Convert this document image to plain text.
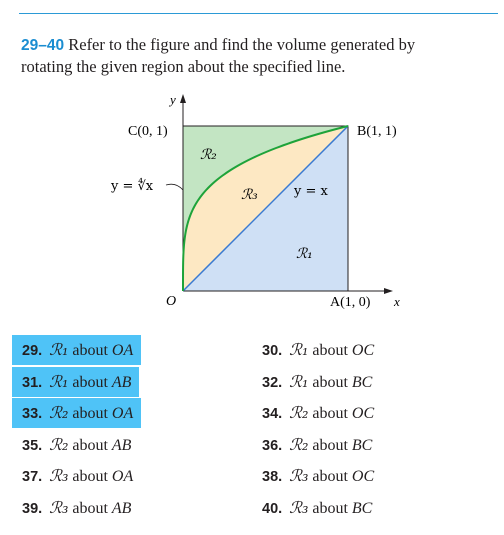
29–40 Refer to the figure and find the volume generated by
rotating the given region about the specified line.
y
x
O
C(0, 1)	B(1, 1)
A(1, 0)
y = ∜x	y = x
ℛ₁
ℛ₂
ℛ₃
29. ℛ₁ about OA	30. ℛ₁ about OC
31. ℛ₁ about AB	32. ℛ₁ about BC
33. ℛ₂ about OA	34. ℛ₂ about OC
35. ℛ₂ about AB	36. ℛ₂ about BC
37. ℛ₃ about OA	38. ℛ₃ about OC
39. ℛ₃ about AB	40. ℛ₃ about BC
